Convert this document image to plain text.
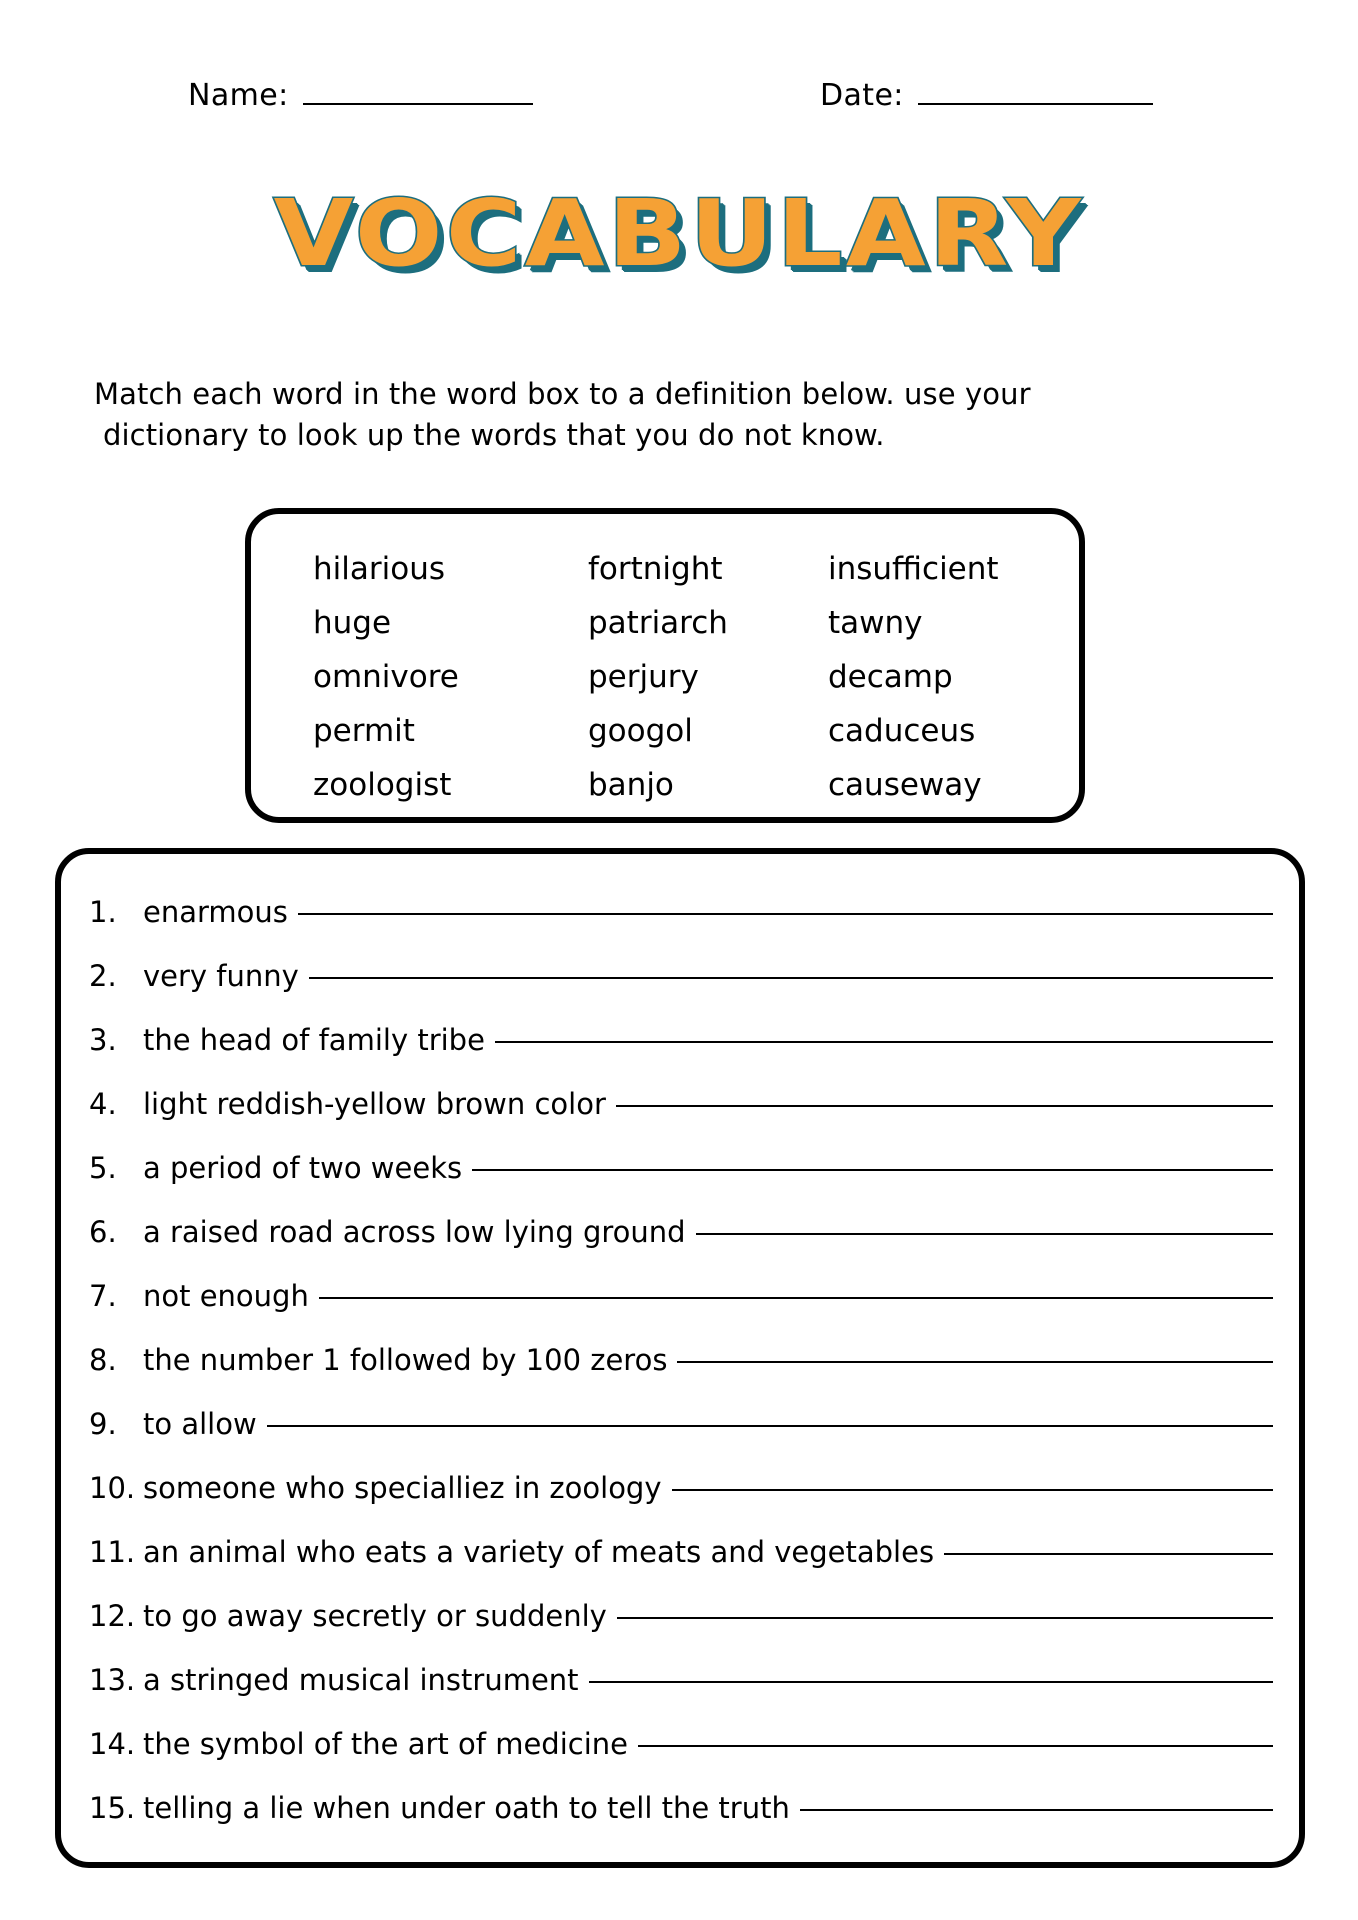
Name:	Date:
VOCABULARY
Match each word in the word box to a definition below. use your
dictionary to look up the words that you do not know.
hilarious	fortnight	insufficient
huge	patriarch	tawny
omnivore	perjury	decamp
permit	googol	caduceus
zoologist	banjo	causeway
1. enarmous
2. very funny
3. the head of family tribe
4. light reddish-yellow brown color
5. a period of two weeks
6. a raised road across low lying ground
7. not enough
8. the number 1 followed by 100 zeros
9. to allow
10. someone who specialliez in zoology
11. an animal who eats a variety of meats and vegetables
12. to go away secretly or suddenly
13. a stringed musical instrument
14. the symbol of the art of medicine
15. telling a lie when under oath to tell the truth
